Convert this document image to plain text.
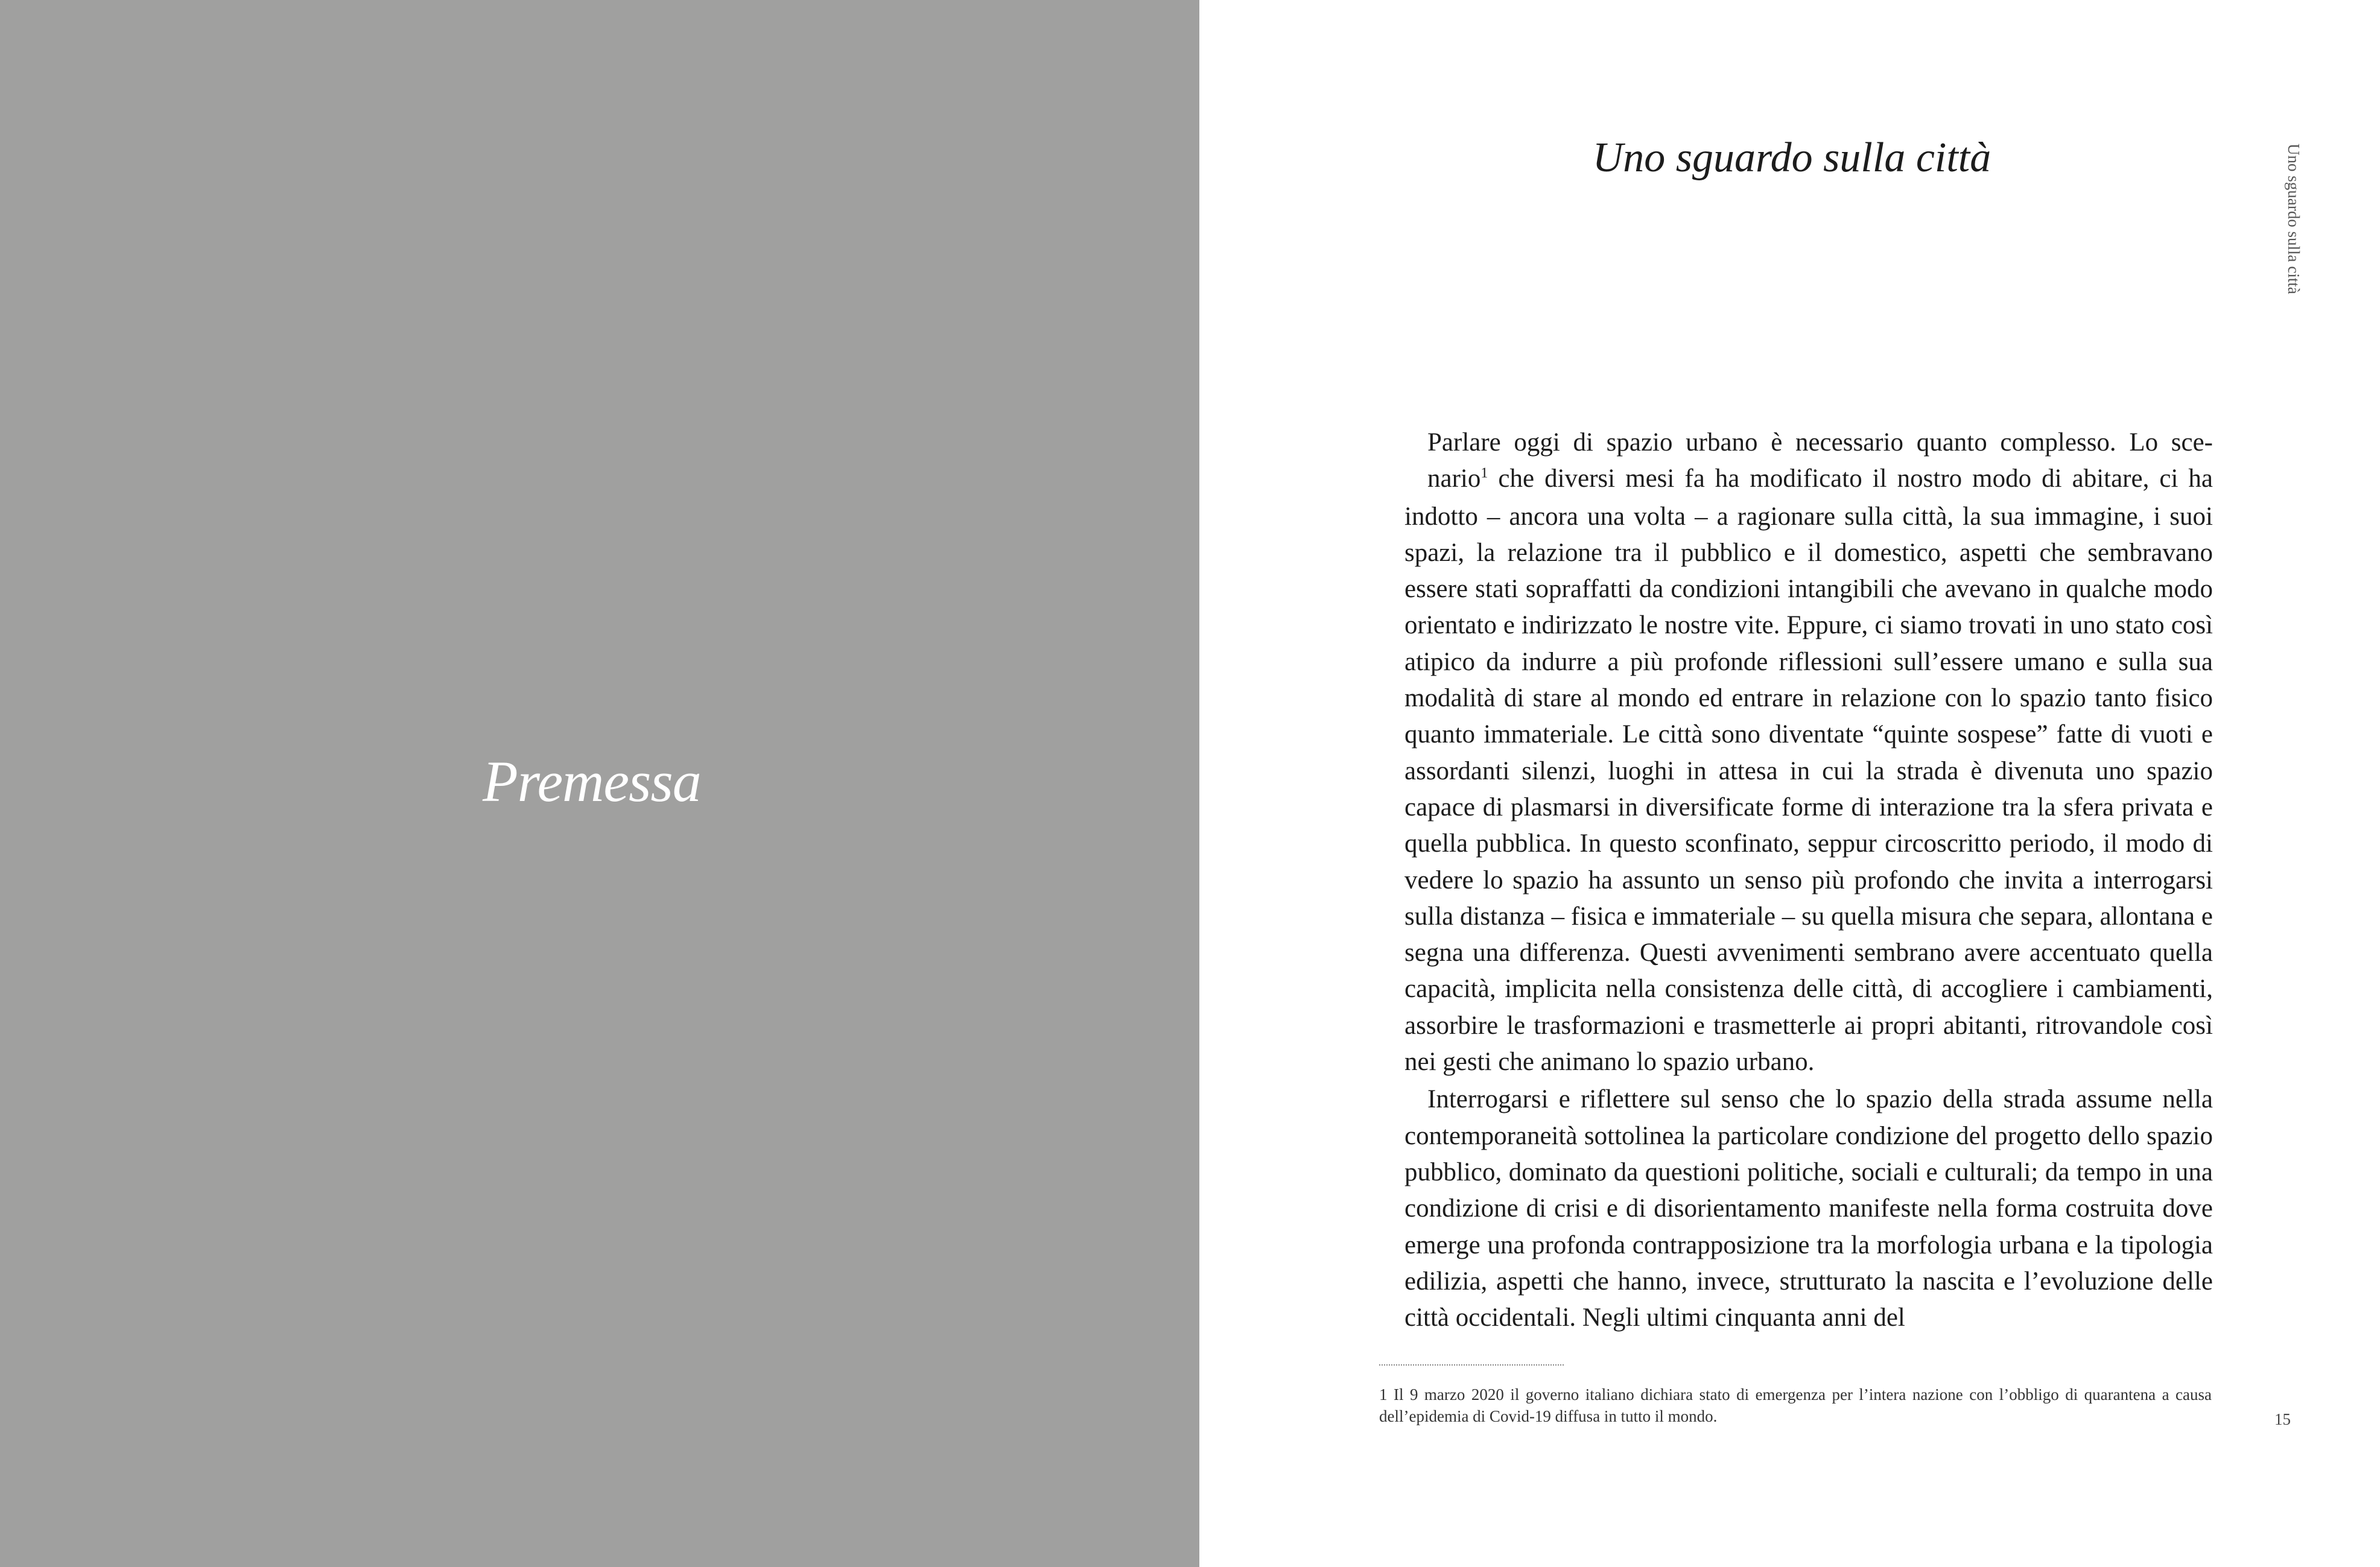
Premessa
Uno sguardo sulla città	Uno sguardo sulla città

Parlare oggi di spazio urbano è necessario quanto complesso. Lo sce-
nario$^1$ che diversi mesi fa ha modificato il nostro modo di abitare, ci ha

indotto – ancora una volta – a ragionare sulla città, la sua immagine, i suoi spazi, la relazione tra il pubblico e il domestico, aspetti che sembravano essere stati sopraffatti da condizioni intangibili che avevano in qualche modo orientato e indirizzato le nostre vite. Eppure, ci siamo trovati in uno stato così atipico da indurre a più profonde riflessioni sull’essere umano e sulla sua modalità di stare al mondo ed entrare in relazione con lo spazio tanto fisico quanto immateriale. Le città sono diventate “quinte sospese” fatte di vuoti e assordanti silenzi, luoghi in attesa in cui la strada è divenuta uno spazio capace di plasmarsi in diversificate forme di interazione tra la sfera privata e quella pubblica. In questo sconfinato, seppur circoscritto periodo, il modo di vedere lo spazio ha assunto un senso più profondo che invita a interrogarsi sulla distanza – fisica e immateriale – su quella misura che separa, allontana e segna una differenza. Questi avvenimenti sembrano avere accentuato quella capacità, implicita nella consistenza delle città, di accogliere i cambiamenti, assorbire le trasformazioni e trasmetterle ai propri abitanti, ritrovandole così nei gesti che animano lo spazio urbano.

Interrogarsi e riflettere sul senso che lo spazio della strada assume nella contemporaneità sottolinea la particolare condizione del progetto dello spazio pubblico, dominato da questioni politiche, sociali e culturali; da tempo in una condizione di crisi e di disorientamento manifeste nella forma costruita dove emerge una profonda contrapposizione tra la morfologia urbana e la tipologia edilizia, aspetti che hanno, invece, strutturato la nascita e l’evoluzione delle città occidentali. Negli ultimi cinquanta anni del

1 Il 9 marzo 2020 il governo italiano dichiara stato di emergenza per l’intera nazione con l’obbligo di quarantena a causa dell’epidemia di Covid-19 diffusa in tutto il mondo.	15
